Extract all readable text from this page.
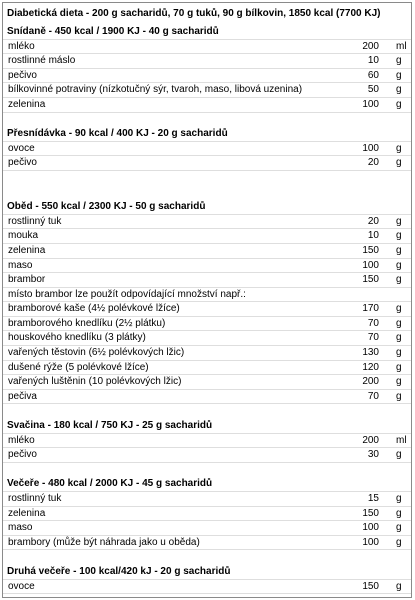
Diabetická dieta - 200 g sacharidů, 70 g tuků, 90 g bílkovin, 1850 kcal (7700 KJ)
Snídaně - 450 kcal / 1900 KJ - 40 g sacharidů
mléko	200 ml
rostlinné máslo	10 g
pečivo	60 g
bílkovinné potraviny (nízkotučný sýr, tvaroh, maso, libová uzenina)	50 g
zelenina	100 g
Přesnídávka - 90 kcal / 400 KJ - 20 g sacharidů
ovoce	100 g
pečivo	20 g
Oběd - 550 kcal / 2300 KJ - 50 g sacharidů
rostlinný tuk	20 g
mouka	10 g
zelenina	150 g
maso	100 g
brambor	150 g
místo brambor lze použít odpovídající množství např.:
bramborové kaše (4½ polévkové lžíce)	170 g
bramborového knedlíku (2½ plátku)	70 g
houskového knedlíku (3 plátky)	70 g
vařených těstovin (6½ polévkových lžic)	130 g
dušené rýže (5 polévkové lžíce)	120 g
vařených luštěnin (10 polévkových lžic)	200 g
pečiva	70 g
Svačina - 180 kcal / 750 KJ - 25 g sacharidů
mléko	200 ml
pečivo	30 g
Večeře - 480 kcal / 2000 KJ - 45 g sacharidů
rostlinný tuk	15 g
zelenina	150 g
maso	100 g
brambory (může být náhrada jako u oběda)	100 g
Druhá večeře - 100 kcal/420 kJ - 20 g sacharidů
ovoce	150 g
